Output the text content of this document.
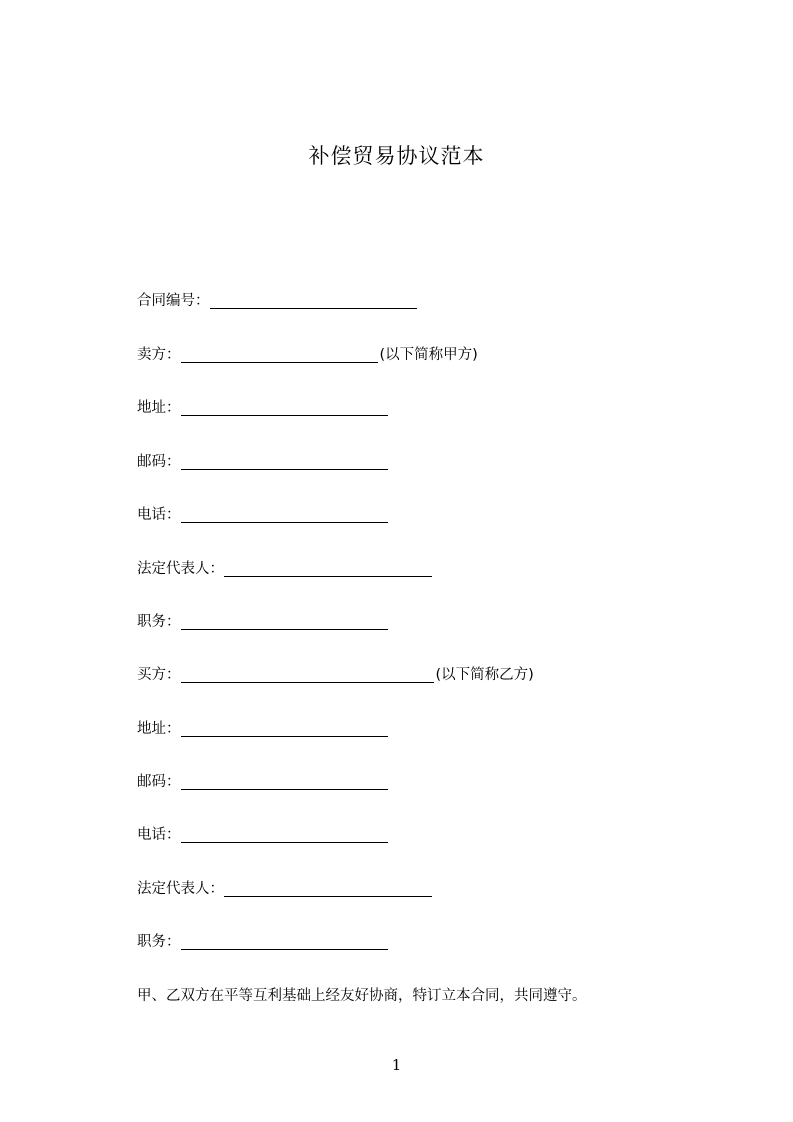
补偿贸易协议范本
合同编号：
卖方：	(以下简称甲方)
地址：
邮码：
电话：
法定代表人：
职务：
买方：	(以下简称乙方)
地址：
邮码：
电话：
法定代表人：
职务：
甲、乙双方在平等互利基础上经友好协商，特订立本合同，共同遵守。
1
